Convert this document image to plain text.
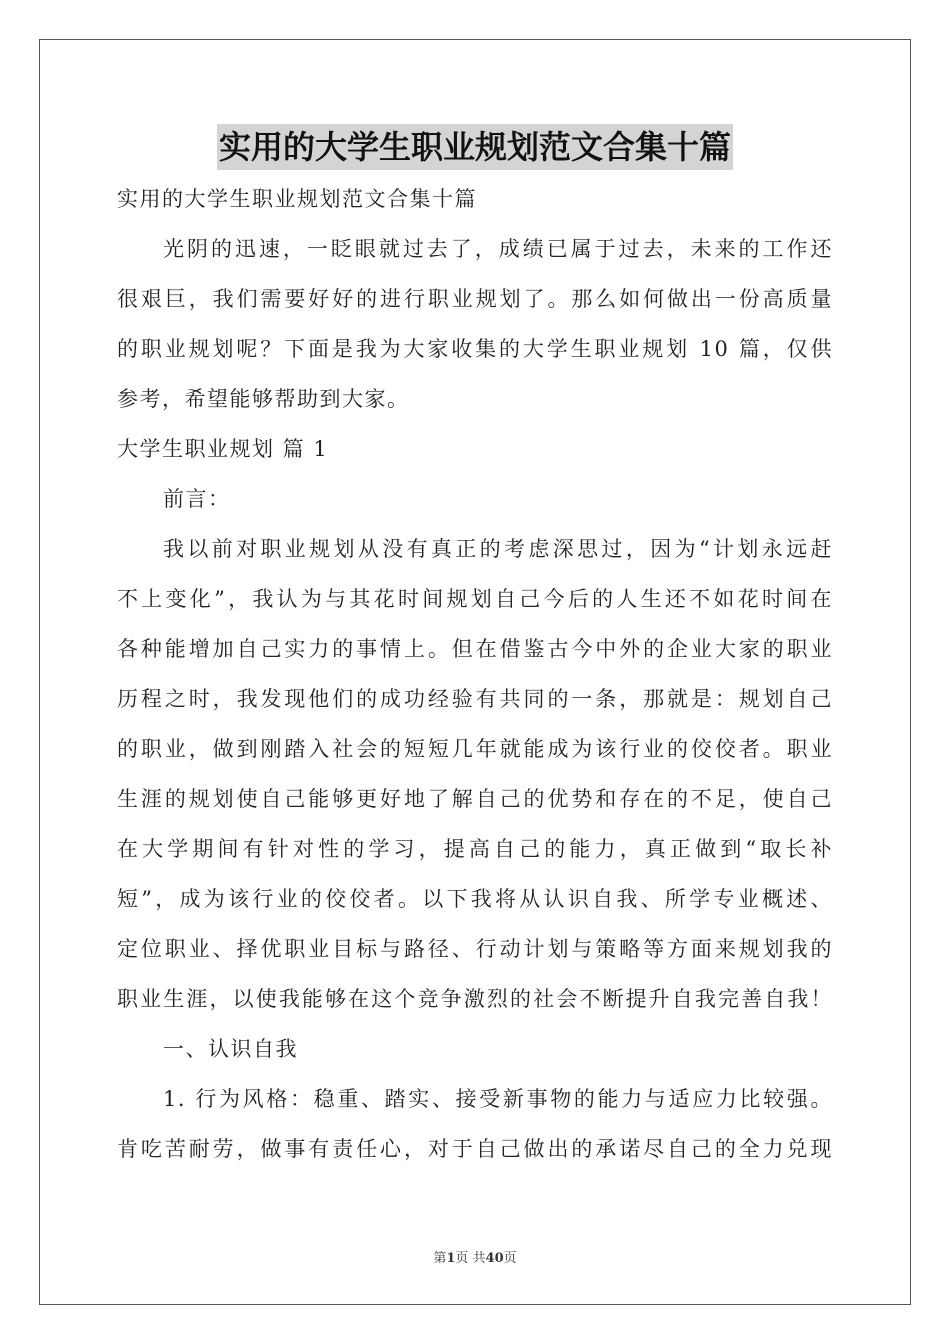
实用的大学生职业规划范文合集十篇
实用的大学生职业规划范文合集十篇
光阴的迅速，一眨眼就过去了，成绩已属于过去，未来的工作还
很艰巨，我们需要好好的进行职业规划了。那么如何做出一份高质量
的职业规划呢？下面是我为大家收集的大学生职业规划 10 篇，仅供
参考，希望能够帮助到大家。
大学生职业规划 篇 1
前言：
我以前对职业规划从没有真正的考虑深思过，因为“计划永远赶
不上变化”，我认为与其花时间规划自己今后的人生还不如花时间在
各种能增加自己实力的事情上。但在借鉴古今中外的企业大家的职业
历程之时，我发现他们的成功经验有共同的一条，那就是：规划自己
的职业，做到刚踏入社会的短短几年就能成为该行业的佼佼者。职业
生涯的规划使自己能够更好地了解自己的优势和存在的不足，使自己
在大学期间有针对性的学习，提高自己的能力，真正做到“取长补
短”，成为该行业的佼佼者。以下我将从认识自我、所学专业概述、
定位职业、择优职业目标与路径、行动计划与策略等方面来规划我的
职业生涯，以使我能够在这个竞争激烈的社会不断提升自我完善自我！
一、认识自我
1. 行为风格：稳重、踏实、接受新事物的能力与适应力比较强。
肯吃苦耐劳，做事有责任心，对于自己做出的承诺尽自己的全力兑现
第1页 共40页
